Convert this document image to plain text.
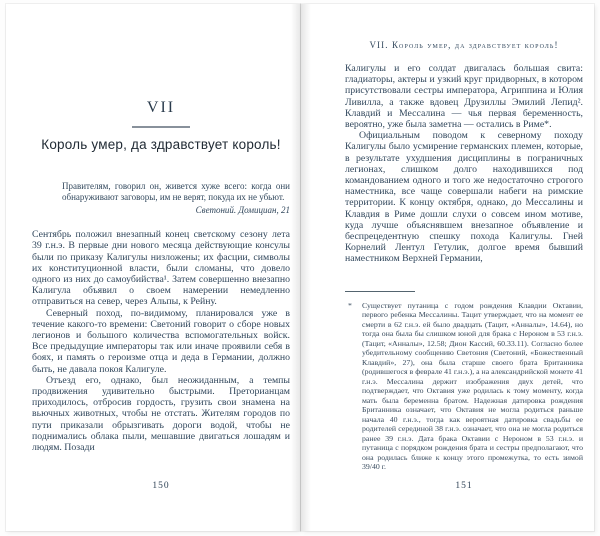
VII
Король умер, да здравствует король!
Правителям, говорил он, живется хуже всего: когда они обнаруживают заговоры, им не верят, покуда их не убьют.
Светоний. Домициан, 21

Сентябрь положил внезапный конец светскому сезону лета 39 г.н.э. В первые дни нового месяца действующие консулы были по приказу Калигулы низложены; их фасции, символы их конституционной власти, были сломаны, что довело одного из них до самоубийства¹. Затем совершенно внезапно Калигула объявил о своем намерении немедленно отправиться на север, через Альпы, к Рейну.

Северный поход, по-видимому, планировался уже в течение какого-то времени: Светоний говорит о сборе новых легионов и большого количества вспомогательных войск. Все предыдущие императоры так или иначе проявили себя в боях, и память о героизме отца и деда в Германии, должно быть, не давала покоя Калигуле.

Отъезд его, однако, был неожиданным, а темпы продвижения удивительно быстрыми. Преторианцам приходилось, отбросив гордость, грузить свои знамена на вьючных животных, чтобы не отстать. Жителям городов по пути приказали обрызгивать дороги водой, чтобы не поднимались облака пыли, мешавшие двигаться лошадям и людям. Позади

150
VII. Король умер, да здравствует король!

Калигулы и его солдат двигалась большая свита: гладиаторы, актеры и узкий круг придворных, в котором присутствовали сестры императора, Агриппина и Юлия Ливилла, а также вдовец Друзиллы Эмилий Лепид². Клавдий и Мессалина — чья первая беременность, вероятно, уже была заметна — остались в Риме*.

Официальным поводом к северному походу Калигулы было усмирение германских племен, которые, в результате ухудшения дисциплины в пограничных легионах, слишком долго находившихся под командованием одного и того же недостаточно строгого наместника, все чаще совершали набеги на римские территории. К концу октября, однако, до Мессалины и Клавдия в Риме дошли слухи о совсем ином мотиве, куда лучше объяснявшем внезапное объявление и беспрецедентную спешку похода Калигулы. Гней Корнелий Лентул Гетулик, долгое время бывший наместником Верхней Германии,

* Существует путаница с годом рождения Клавдии Октавии, первого ребенка Мессалины. Тацит утверждает, что на момент ее смерти в 62 г.н.э. ей было двадцать (Тацит, «Анналы», 14.64), но тогда она была бы слишком юной для брака с Нероном в 53 г.н.э. (Тацит, «Анналы», 12.58; Дион Кассий, 60.33.11). Согласно более убедительному сообщению Светония (Светоний, «Божественный Клавдий», 27), она была старше своего брата Британника (родившегося в феврале 41 г.н.э.), а на александрийской монете 41 г.н.э. Мессалина держит изображения двух детей, что подтверждает, что Октавия уже родилась к тому моменту, когда мать была беременна братом. Надежная датировка рождения Британника означает, что Октавия не могла родиться раньше начала 40 г.н.э., тогда как вероятная датировка свадьбы ее родителей серединой 38 г.н.э. означает, что она не могла родиться ранее 39 г.н.э. Дата брака Октавии с Нероном в 53 г.н.э. и путаница с порядком рождения брата и сестры предполагают, что она родилась ближе к концу этого промежутка, то есть зимой 39/40 г.
151
